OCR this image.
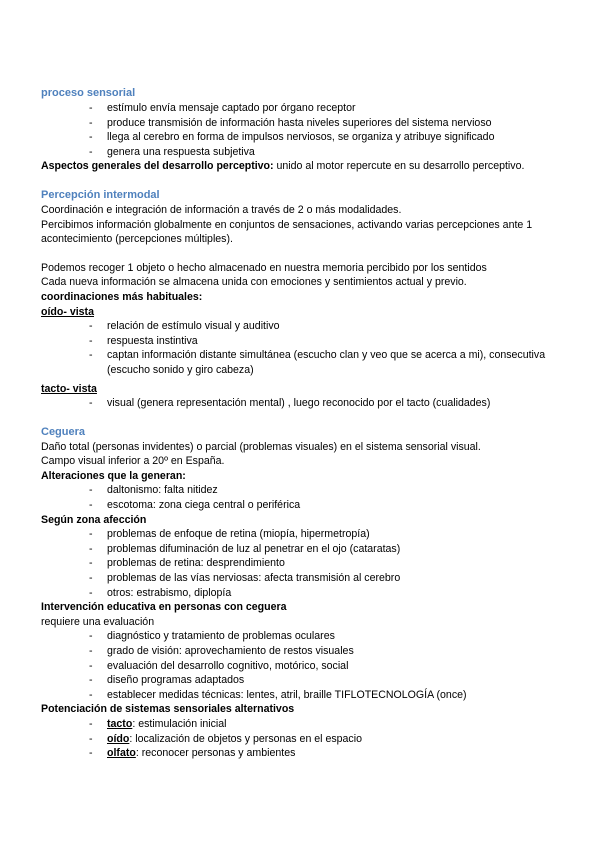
proceso sensorial

- estímulo envía mensaje captado por órgano receptor
- produce transmisión de información hasta niveles superiores del sistema nervioso
- llega al cerebro en forma de impulsos nerviosos, se organiza y atribuye significado
- genera una respuesta subjetiva

Aspectos generales del desarrollo perceptivo: unido al motor repercute en su desarrollo perceptivo.

Percepción intermodal

Coordinación e integración de información a través de 2 o más modalidades.

Percibimos información globalmente en conjuntos de sensaciones, activando varias percepciones ante 1 acontecimiento (percepciones múltiples).

Podemos recoger 1 objeto o hecho almacenado en nuestra memoria percibido por los sentidos

Cada nueva información se almacena unida con emociones y sentimientos actual y previo.

coordinaciones más habituales:

oído- vista

- relación de estímulo visual y auditivo
- respuesta instintiva
- captan información distante simultánea (escucho clan y veo que se acerca a mi), consecutiva (escucho sonido y giro cabeza)

tacto- vista

- visual (genera representación mental) , luego reconocido por el tacto (cualidades)

Ceguera

Daño total (personas invidentes) o parcial (problemas visuales) en el sistema sensorial visual.

Campo visual inferior a 20º en España.

Alteraciones que la generan:

- daltonismo: falta nitidez
- escotoma: zona ciega central o periférica

Según zona afección

- problemas de enfoque de retina (miopía, hipermetropía)
- problemas difuminación de luz al penetrar en el ojo (cataratas)
- problemas de retina: desprendimiento
- problemas de las vías nerviosas: afecta transmisión al cerebro
- otros: estrabismo, diplopía

Intervención educativa en personas con ceguera

requiere una evaluación

- diagnóstico y tratamiento de problemas oculares
- grado de visión: aprovechamiento de restos visuales
- evaluación del desarrollo cognitivo, motórico, social
- diseño programas adaptados
- establecer medidas técnicas: lentes, atril, braille TIFLOTECNOLOGÍA (once)

Potenciación de sistemas sensoriales alternativos

- tacto: estimulación inicial
- oído: localización de objetos y personas en el espacio
- olfato: reconocer personas y ambientes
